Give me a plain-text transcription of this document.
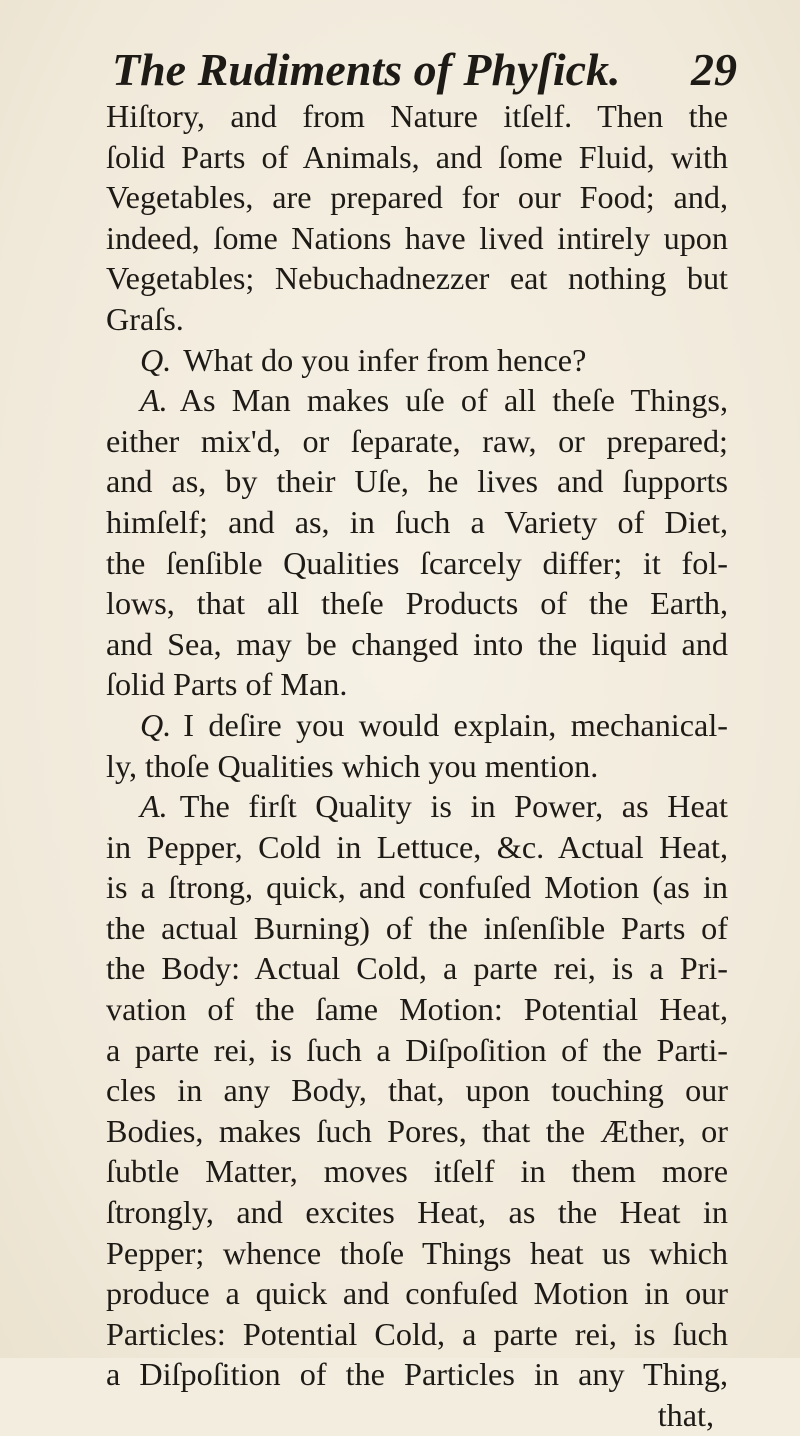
The Rudiments of Phyſick. 29
Hiſtory, and from Nature itſelf. Then the
ſolid Parts of Animals, and ſome Fluid, with
Vegetables, are prepared for our Food; and,
indeed, ſome Nations have lived intirely upon
Vegetables; Nebuchadnezzer eat nothing but
Graſs.
Q. What do you infer from hence?
A. As Man makes uſe of all theſe Things,
either mix'd, or ſeparate, raw, or prepared;
and as, by their Uſe, he lives and ſupports
himſelf; and as, in ſuch a Variety of Diet,
the ſenſible Qualities ſcarcely differ; it fol-
lows, that all theſe Products of the Earth,
and Sea, may be changed into the liquid and
ſolid Parts of Man.
Q. I deſire you would explain, mechanical-
ly, thoſe Qualities which you mention.
A. The firſt Quality is in Power, as Heat
in Pepper, Cold in Lettuce, &c. Actual Heat,
is a ſtrong, quick, and confuſed Motion (as in
the actual Burning) of the inſenſible Parts of
the Body: Actual Cold, a parte rei, is a Pri-
vation of the ſame Motion: Potential Heat,
a parte rei, is ſuch a Diſpoſition of the Parti-
cles in any Body, that, upon touching our
Bodies, makes ſuch Pores, that the Æther, or
ſubtle Matter, moves itſelf in them more
ſtrongly, and excites Heat, as the Heat in
Pepper; whence thoſe Things heat us which
produce a quick and confuſed Motion in our
Particles: Potential Cold, a parte rei, is ſuch
a Diſpoſition of the Particles in any Thing,
that,
